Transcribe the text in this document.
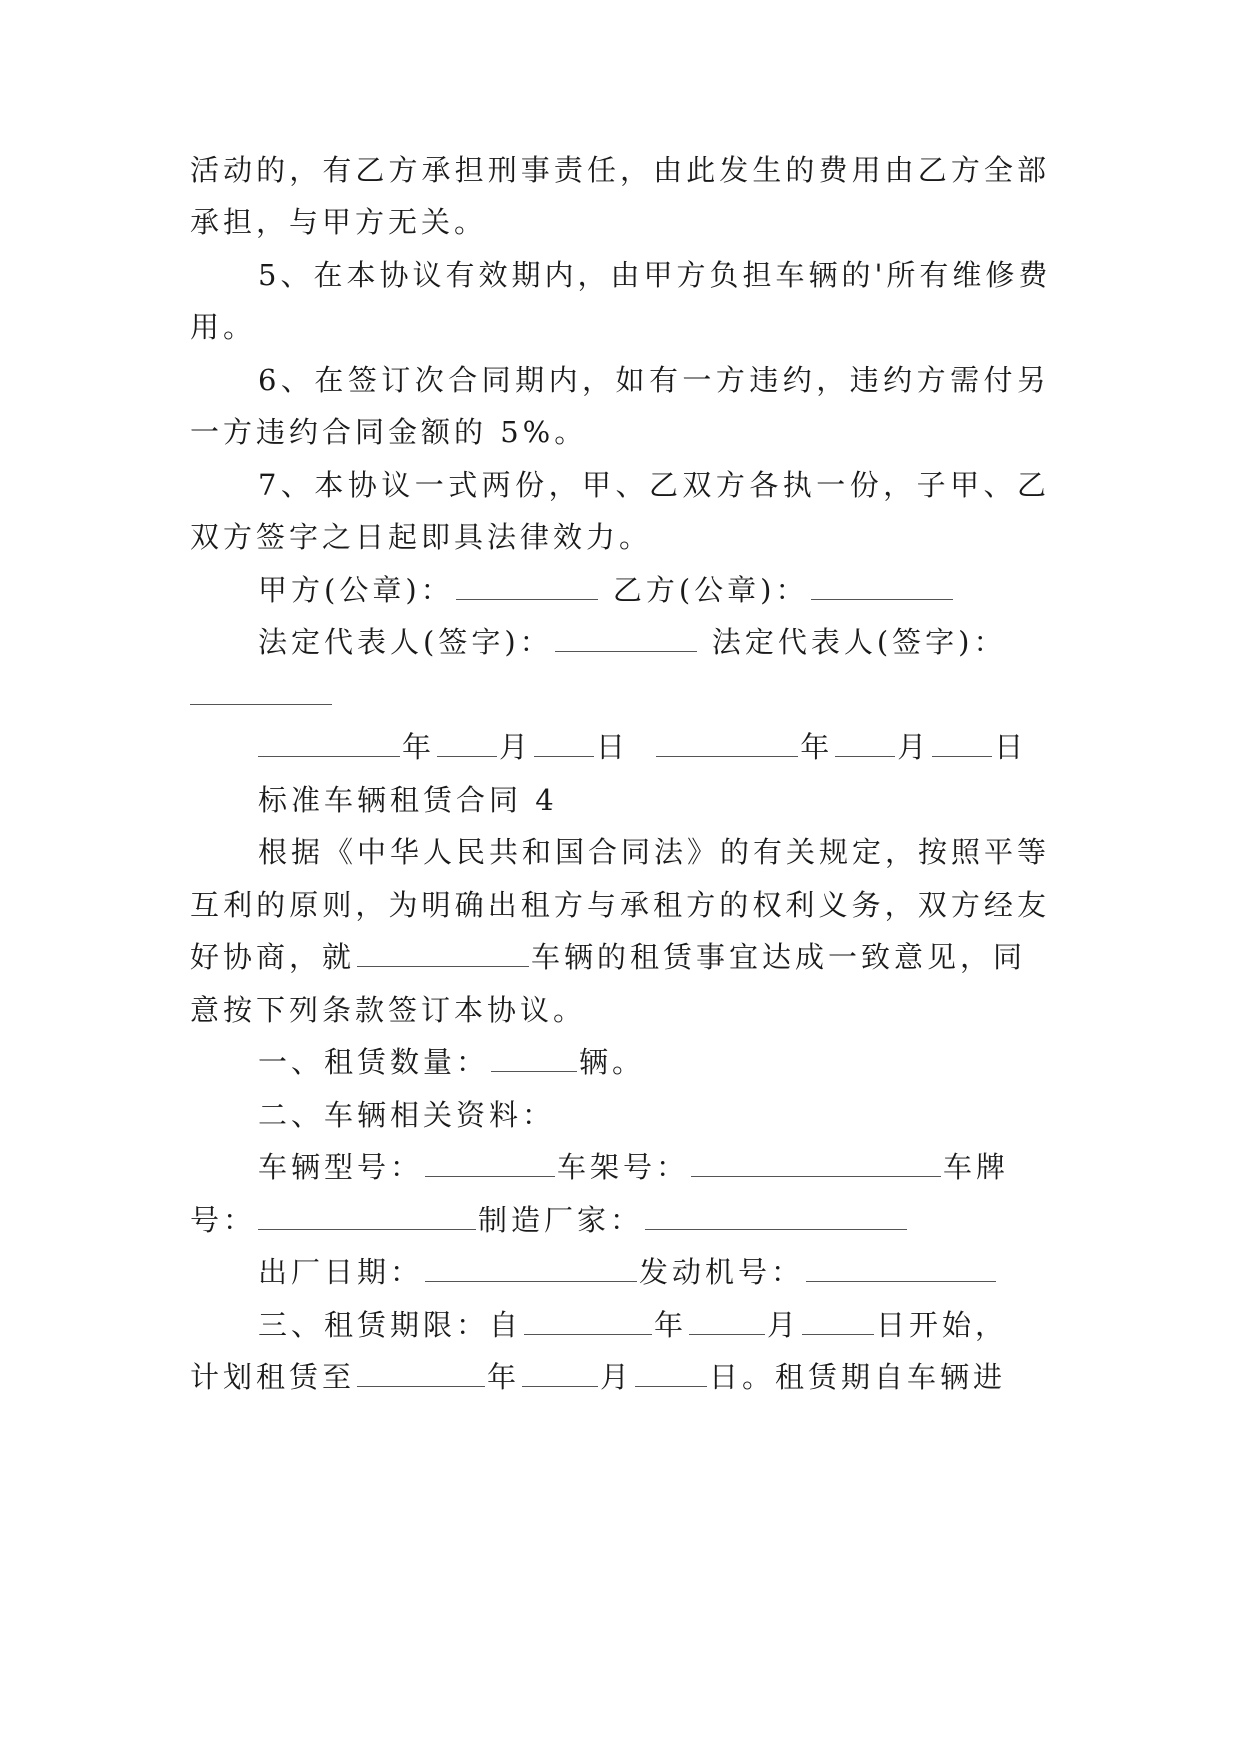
活动的，有乙方承担刑事责任，由此发生的费用由乙方全部
承担，与甲方无关。
5、在本协议有效期内，由甲方负担车辆的'所有维修费
用。
6、在签订次合同期内，如有一方违约，违约方需付另
一方违约合同金额的 5%。
7、本协议一式两份，甲、乙双方各执一份，子甲、乙
双方签字之日起即具法律效力。
甲方(公章)：	乙方(公章)：
法定代表人(签字)：	法定代表人(签字)：
年 月 日	年 月 日
标准车辆租赁合同 4
根据《中华人民共和国合同法》的有关规定，按照平等
互利的原则，为明确出租方与承租方的权利义务，双方经友
好协商，就	车辆的租赁事宜达成一致意见，同
意按下列条款签订本协议。
一、租赁数量：	辆。
二、车辆相关资料：
车辆型号：	车架号：	车牌
号：	制造厂家：
出厂日期：	发动机号：
三、租赁期限：自	年	月	日开始，
计划租赁至	年	月	日。租赁期自车辆进
